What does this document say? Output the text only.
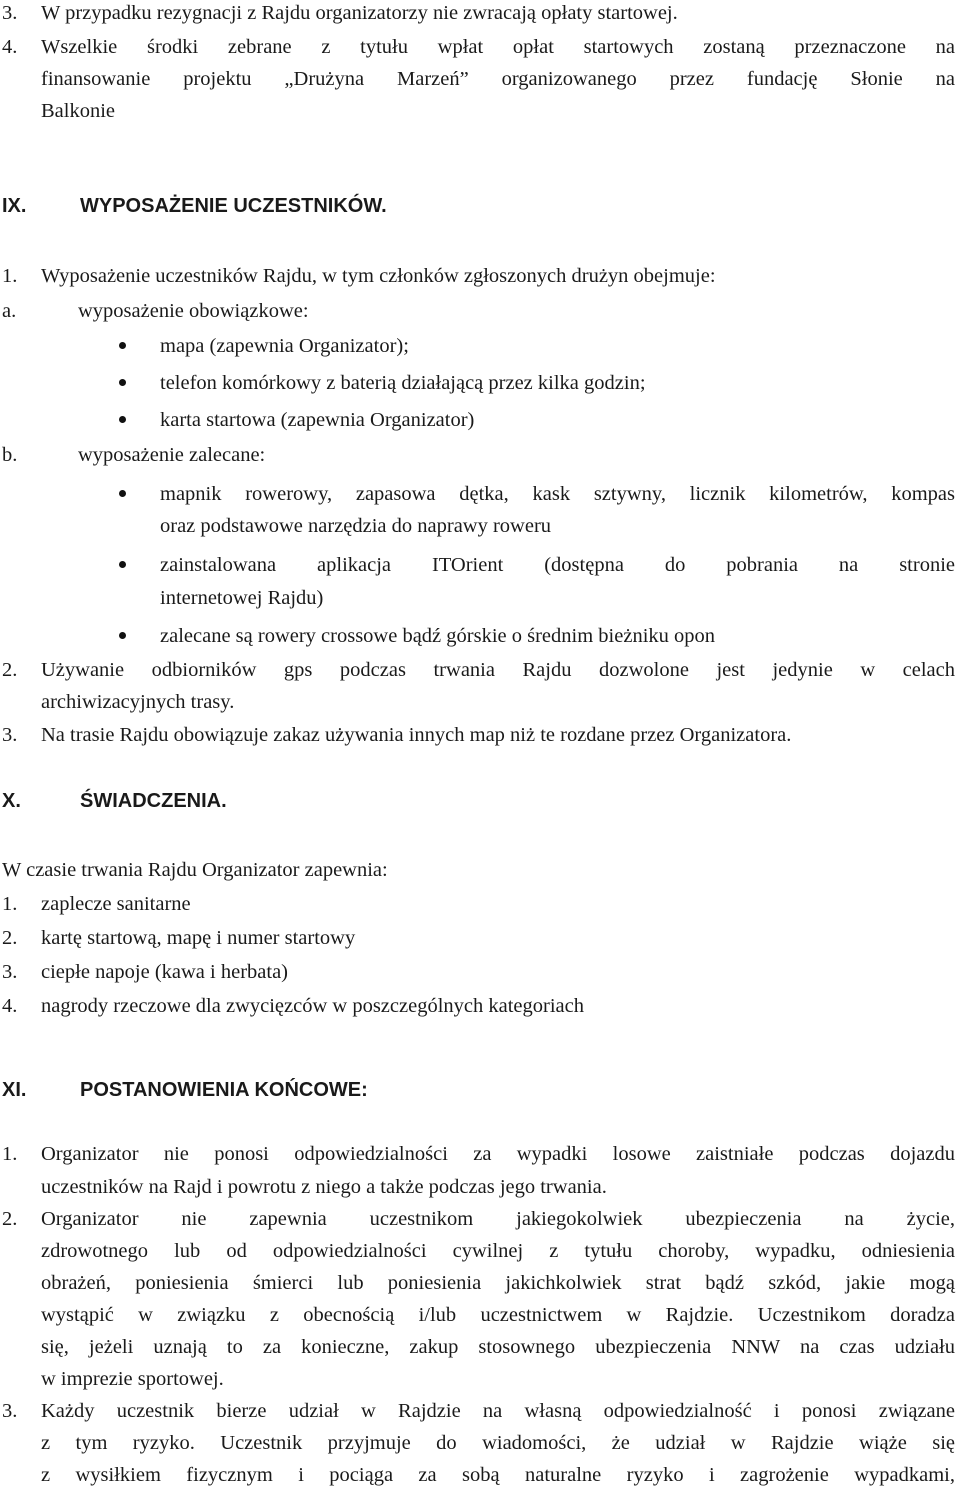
3. W przypadku rezygnacji z Rajdu organizatorzy nie zwracają opłaty startowej.
4. Wszelkie środki zebrane z tytułu wpłat opłat startowych zostaną przeznaczone na
finansowanie projektu „Drużyna Marzeń” organizowanego przez fundację Słonie na
Balkonie
IX.	WYPOSAŻENIE UCZESTNIKÓW.
1. Wyposażenie uczestników Rajdu, w tym członków zgłoszonych drużyn obejmuje:
a.	wyposażenie obowiązkowe:
mapa (zapewnia Organizator);
telefon komórkowy z baterią działającą przez kilka godzin;
karta startowa (zapewnia Organizator)
b.	wyposażenie zalecane:
mapnik rowerowy, zapasowa dętka, kask sztywny, licznik kilometrów, kompas
oraz podstawowe narzędzia do naprawy roweru
zainstalowana aplikacja ITOrient (dostępna do pobrania na stronie
internetowej Rajdu)
zalecane są rowery crossowe bądź górskie o średnim bieżniku opon
2. Używanie odbiorników gps podczas trwania Rajdu dozwolone jest jedynie w celach
archiwizacyjnych trasy.
3. Na trasie Rajdu obowiązuje zakaz używania innych map niż te rozdane przez Organizatora.
X.	ŚWIADCZENIA.
W czasie trwania Rajdu Organizator zapewnia:
1. zaplecze sanitarne
2. kartę startową, mapę i numer startowy
3. ciepłe napoje (kawa i herbata)
4. nagrody rzeczowe dla zwycięzców w poszczególnych kategoriach
XI.	POSTANOWIENIA KOŃCOWE:
1. Organizator nie ponosi odpowiedzialności za wypadki losowe zaistniałe podczas dojazdu
uczestników na Rajd i powrotu z niego a także podczas jego trwania.
2. Organizator nie zapewnia uczestnikom jakiegokolwiek ubezpieczenia na życie,
zdrowotnego lub od odpowiedzialności cywilnej z tytułu choroby, wypadku, odniesienia
obrażeń, poniesienia śmierci lub poniesienia jakichkolwiek strat bądź szkód, jakie mogą
wystąpić w związku z obecnością i/lub uczestnictwem w Rajdzie. Uczestnikom doradza
się, jeżeli uznają to za konieczne, zakup stosownego ubezpieczenia NNW na czas udziału
w imprezie sportowej.
3. Każdy uczestnik bierze udział w Rajdzie na własną odpowiedzialność i ponosi związane
z tym ryzyko. Uczestnik przyjmuje do wiadomości, że udział w Rajdzie wiąże się
z wysiłkiem fizycznym i pociąga za sobą naturalne ryzyko i zagrożenie wypadkami,
